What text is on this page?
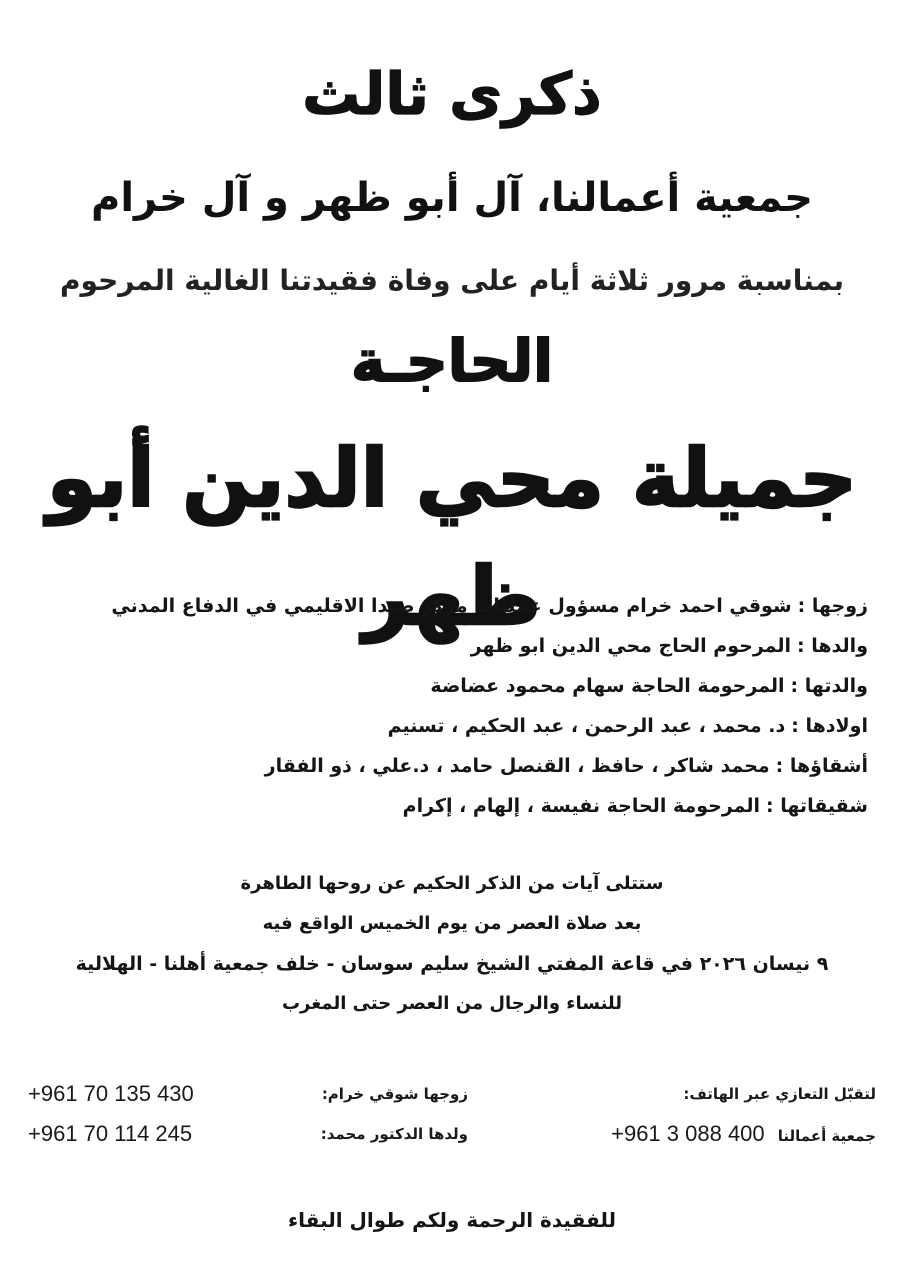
ذكرى ثالث
جمعية أعمالنا، آل أبو ظهر و آل خرام
بمناسبة مرور ثلاثة أيام على وفاة فقيدتنا الغالية المرحوم
الحاجـة
جميلة محي الدين أبو ظهر	زوجها :شوقي احمد خرام مسؤول عمليات مركز صيدا الاقليمي في الدفاع المدني
والدها :المرحوم الحاج محي الدين ابو ظهر
والدتها :المرحومة الحاجة سهام محمود عضاضة
اولادها :د. محمد ، عبد الرحمن ، عبد الحكيم ، تسنيم
أشقاؤها :محمد شاكر ، حافظ ، القنصل حامد ، د.علي ، ذو الفقار
شقيقاتها :المرحومة الحاجة نفيسة ، إلهام ، إكرام
ستتلى آيات من الذكر الحكيم عن روحها الطاهرة
بعد صلاة العصر من يوم الخميس الواقع فيه
٩ نيسان ٢٠٢٦ في قاعة المفتي الشيخ سليم سوسان - خلف جمعية أهلنا - الهلالية
للنساء والرجال من العصر حتى المغرب
لتقبّل التعازي عبر الهاتف:
جمعية أعمالنا +961 3 088 400
+961 70 135 430	زوجها شوقي خرام:
+961 70 114 245	ولدها الدكتور محمد:
للفقيدة الرحمة ولكم طوال البقاء
